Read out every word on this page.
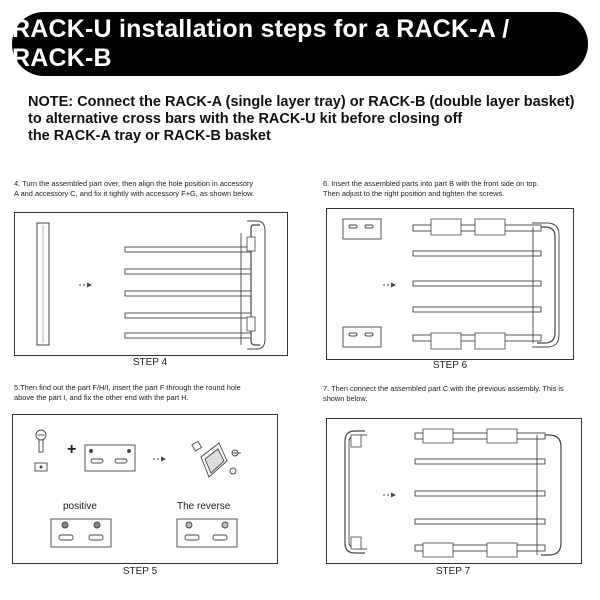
RACK-U installation steps for a RACK-A / RACK-B
NOTE: Connect the RACK-A (single layer tray) or RACK-B (double layer basket)
to alternative cross bars with the RACK-U kit before closing off
the RACK-A tray or RACK-B basket
4. Turn the assembled part over, then align the hole position in accessory
A and accessory C, and fix it tightly with accessory F+G, as shown below.
STEP 4
6. Insert the assembled parts into part B with the front side on top.
Then adjust to the right position and tighten the screws.
STEP 6
5.Then find out the part F/H/I, insert the part F through the round hole
above the part I, and fix the other end with the part H.
positive	The reverse
+
STEP 5
7. Then connect the assembled part C with the previous assembly. This is
shown below.
STEP 7
